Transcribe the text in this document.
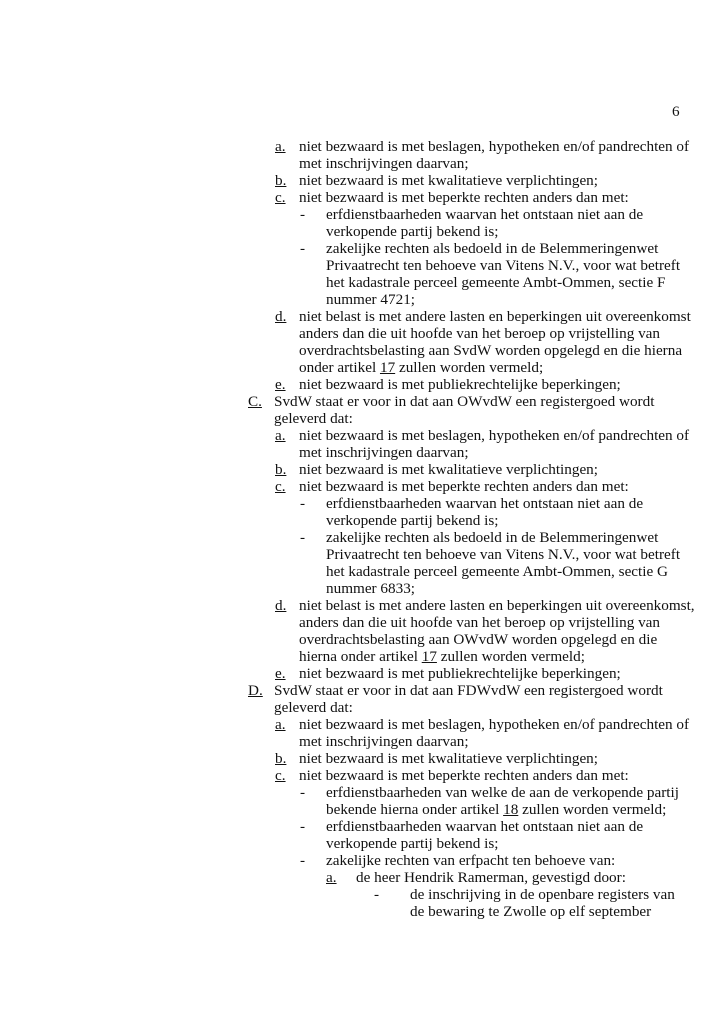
6
a. niet bezwaard is met beslagen, hypotheken en/of pandrechten of
met inschrijvingen daarvan;
b. niet bezwaard is met kwalitatieve verplichtingen;
c. niet bezwaard is met beperkte rechten anders dan met:
- erfdienstbaarheden waarvan het ontstaan niet aan de
verkopende partij bekend is;
- zakelijke rechten als bedoeld in de Belemmeringenwet
Privaatrecht ten behoeve van Vitens N.V., voor wat betreft
het kadastrale perceel gemeente Ambt-Ommen, sectie F
nummer 4721;
d. niet belast is met andere lasten en beperkingen uit overeenkomst
anders dan die uit hoofde van het beroep op vrijstelling van
overdrachtsbelasting aan SvdW worden opgelegd en die hierna
onder artikel 17 zullen worden vermeld;
e. niet bezwaard is met publiekrechtelijke beperkingen;
C. SvdW staat er voor in dat aan OWvdW een registergoed wordt
geleverd dat:
a. niet bezwaard is met beslagen, hypotheken en/of pandrechten of
met inschrijvingen daarvan;
b. niet bezwaard is met kwalitatieve verplichtingen;
c. niet bezwaard is met beperkte rechten anders dan met:
- erfdienstbaarheden waarvan het ontstaan niet aan de
verkopende partij bekend is;
- zakelijke rechten als bedoeld in de Belemmeringenwet
Privaatrecht ten behoeve van Vitens N.V., voor wat betreft
het kadastrale perceel gemeente Ambt-Ommen, sectie G
nummer 6833;
d. niet belast is met andere lasten en beperkingen uit overeenkomst,
anders dan die uit hoofde van het beroep op vrijstelling van
overdrachtsbelasting aan OWvdW worden opgelegd en die
hierna onder artikel 17 zullen worden vermeld;
e. niet bezwaard is met publiekrechtelijke beperkingen;
D. SvdW staat er voor in dat aan FDWvdW een registergoed wordt
geleverd dat:
a. niet bezwaard is met beslagen, hypotheken en/of pandrechten of
met inschrijvingen daarvan;
b. niet bezwaard is met kwalitatieve verplichtingen;
c. niet bezwaard is met beperkte rechten anders dan met:
- erfdienstbaarheden van welke de aan de verkopende partij
bekende hierna onder artikel 18 zullen worden vermeld;
- erfdienstbaarheden waarvan het ontstaan niet aan de
verkopende partij bekend is;
- zakelijke rechten van erfpacht ten behoeve van:
a. de heer Hendrik Ramerman, gevestigd door:
- de inschrijving in de openbare registers van
de bewaring te Zwolle op elf september
